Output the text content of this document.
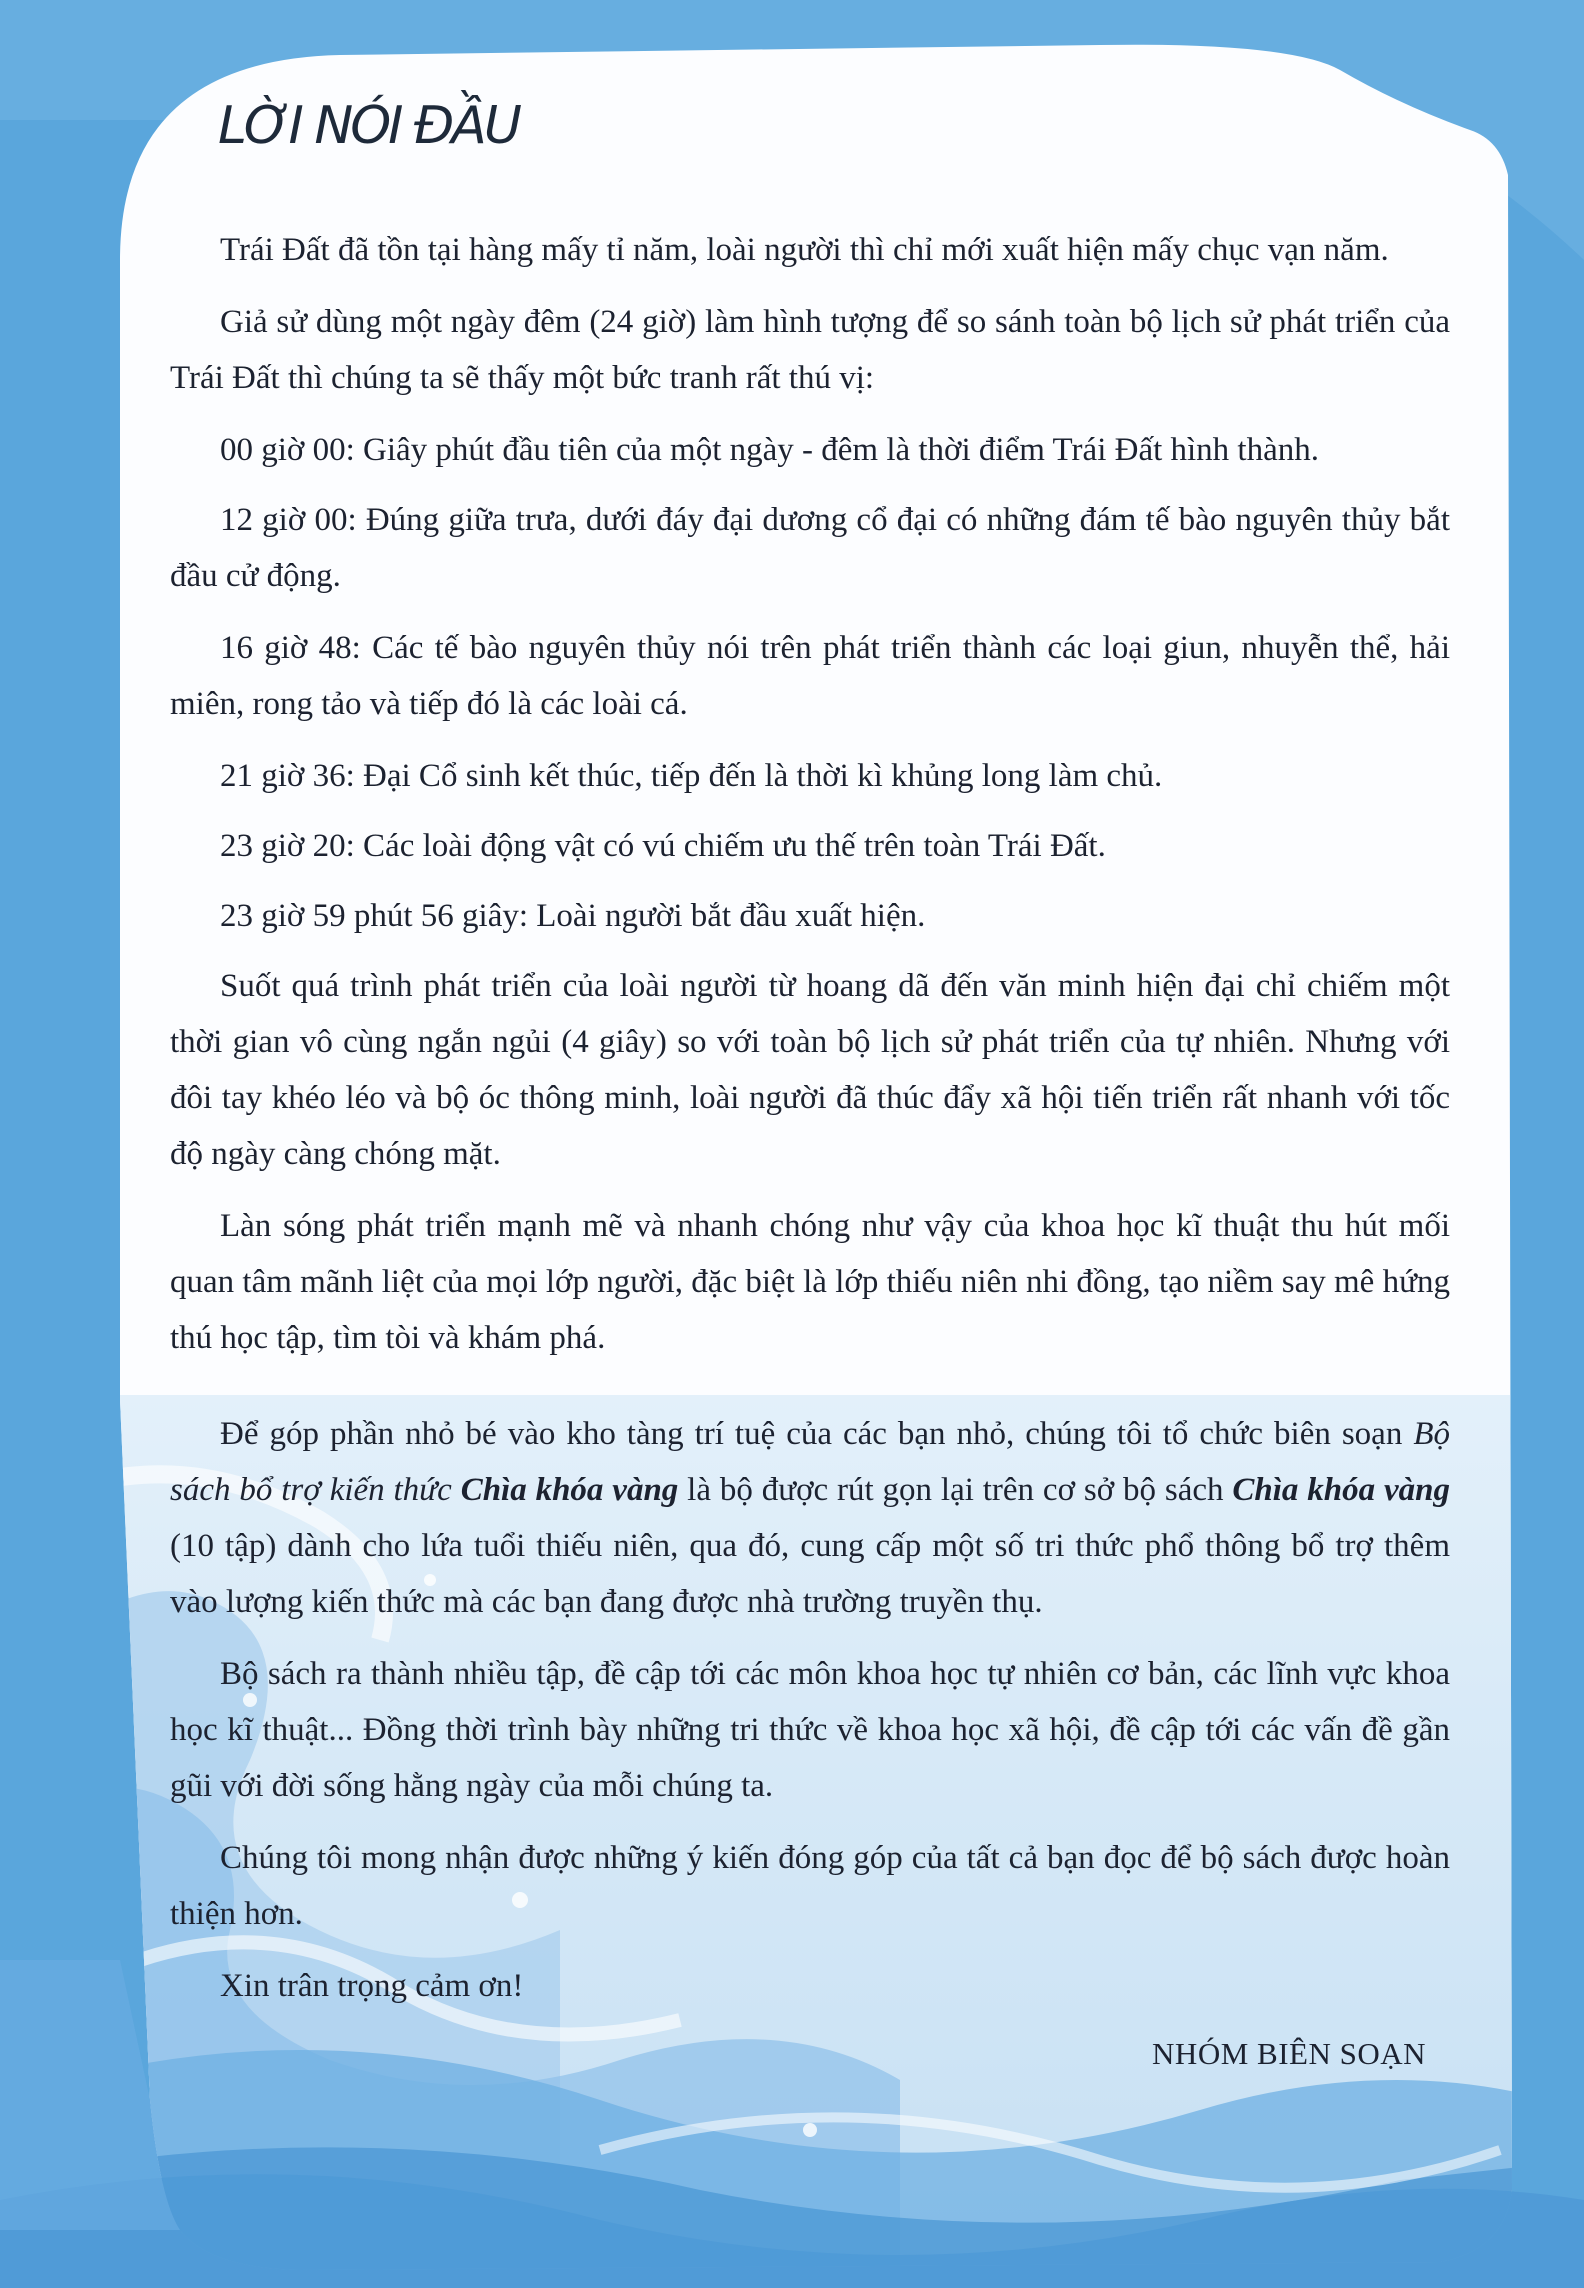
LỜI NÓI ĐẦU

Trái Đất đã tồn tại hàng mấy tỉ năm, loài người thì chỉ mới xuất hiện mấy chục vạn năm.

Giả sử dùng một ngày đêm (24 giờ) làm hình tượng để so sánh toàn bộ lịch sử phát triển của Trái Đất thì chúng ta sẽ thấy một bức tranh rất thú vị:

00 giờ 00: Giây phút đầu tiên của một ngày - đêm là thời điểm Trái Đất hình thành.

12 giờ 00: Đúng giữa trưa, dưới đáy đại dương cổ đại có những đám tế bào nguyên thủy bắt đầu cử động.

16 giờ 48: Các tế bào nguyên thủy nói trên phát triển thành các loại giun, nhuyễn thể, hải miên, rong tảo và tiếp đó là các loài cá.

21 giờ 36: Đại Cổ sinh kết thúc, tiếp đến là thời kì khủng long làm chủ.

23 giờ 20: Các loài động vật có vú chiếm ưu thế trên toàn Trái Đất.

23 giờ 59 phút 56 giây: Loài người bắt đầu xuất hiện.

Suốt quá trình phát triển của loài người từ hoang dã đến văn minh hiện đại chỉ chiếm một thời gian vô cùng ngắn ngủi (4 giây) so với toàn bộ lịch sử phát triển của tự nhiên. Nhưng với đôi tay khéo léo và bộ óc thông minh, loài người đã thúc đẩy xã hội tiến triển rất nhanh với tốc độ ngày càng chóng mặt.

Làn sóng phát triển mạnh mẽ và nhanh chóng như vậy của khoa học kĩ thuật thu hút mối quan tâm mãnh liệt của mọi lớp người, đặc biệt là lớp thiếu niên nhi đồng, tạo niềm say mê hứng thú học tập, tìm tòi và khám phá.

Để góp phần nhỏ bé vào kho tàng trí tuệ của các bạn nhỏ, chúng tôi tổ chức biên soạn Bộ sách bổ trợ kiến thức Chìa khóa vàng là bộ được rút gọn lại trên cơ sở bộ sách Chìa khóa vàng (10 tập) dành cho lứa tuổi thiếu niên, qua đó, cung cấp một số tri thức phổ thông bổ trợ thêm vào lượng kiến thức mà các bạn đang được nhà trường truyền thụ.

Bộ sách ra thành nhiều tập, đề cập tới các môn khoa học tự nhiên cơ bản, các lĩnh vực khoa học kĩ thuật... Đồng thời trình bày những tri thức về khoa học xã hội, đề cập tới các vấn đề gần gũi với đời sống hằng ngày của mỗi chúng ta.

Chúng tôi mong nhận được những ý kiến đóng góp của tất cả bạn đọc để bộ sách được hoàn thiện hơn.

Xin trân trọng cảm ơn!

NHÓM BIÊN SOẠN
